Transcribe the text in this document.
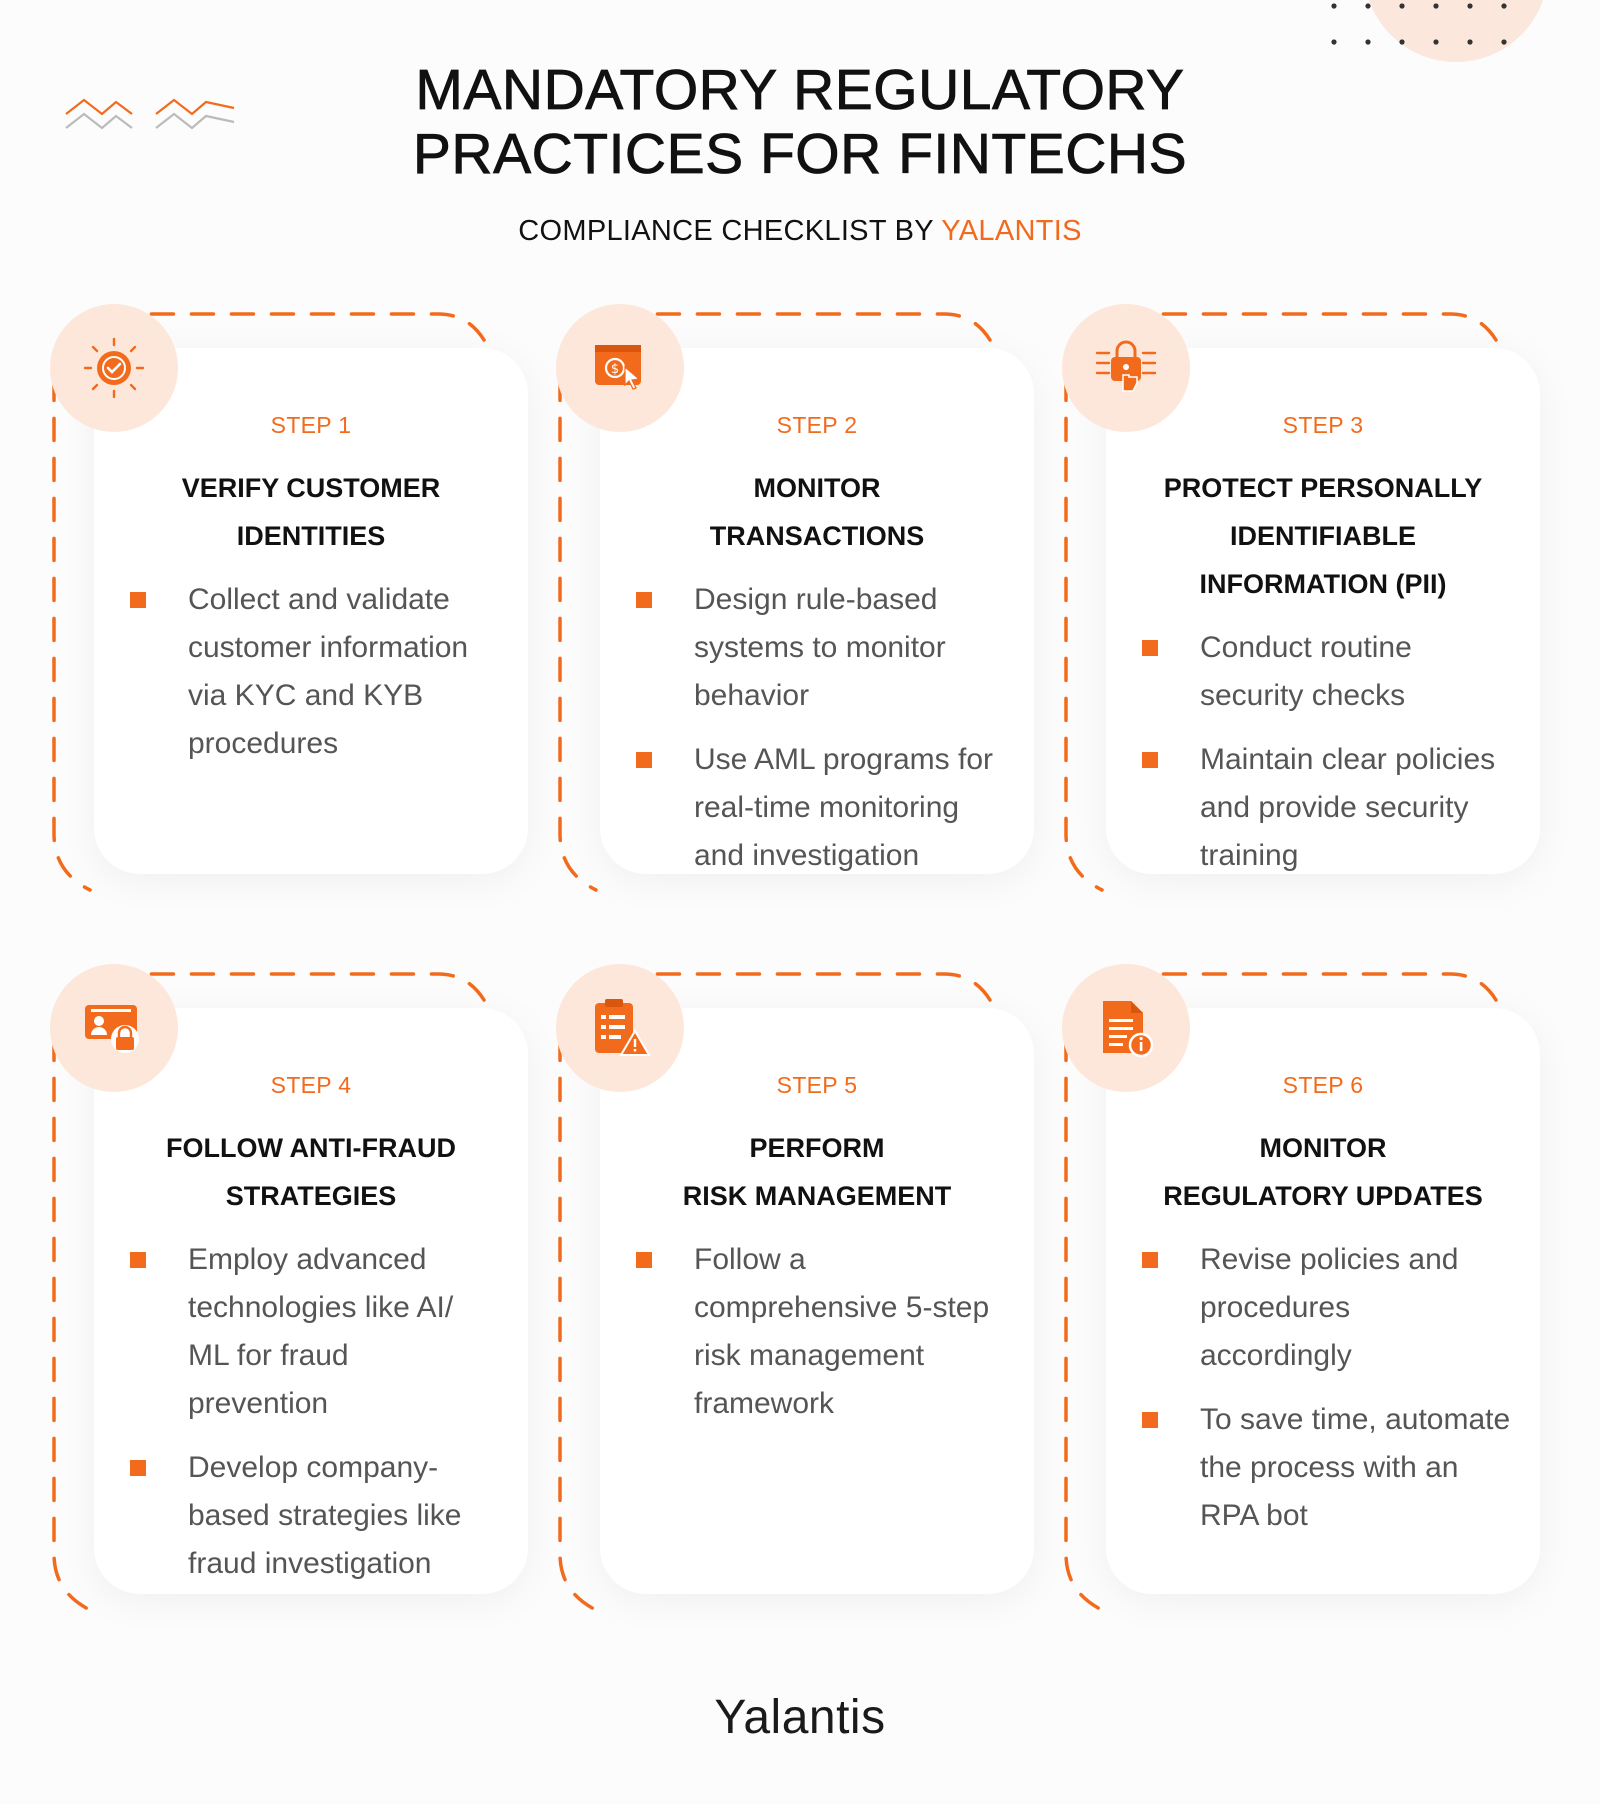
MANDATORY REGULATORY
PRACTICES FOR FINTECHS
COMPLIANCE CHECKLIST BY YALANTIS
STEP 1
VERIFY CUSTOMER
IDENTITIES
Collect and validate
customer information
via KYC and KYB
procedures
$
STEP 2
MONITOR
TRANSACTIONS
Design rule-based
systems to monitor
behavior
Use AML programs for
real-time monitoring
and investigation
STEP 3
PROTECT PERSONALLY
IDENTIFIABLE
INFORMATION (PII)
Conduct routine
security checks
Maintain clear policies
and provide security
training
STEP 4
FOLLOW ANTI-FRAUD
STRATEGIES
Employ advanced
technologies like AI/
ML for fraud
prevention
Develop company-
based strategies like
fraud investigation
STEP 5
PERFORM
RISK MANAGEMENT
Follow a
comprehensive 5-step
risk management
framework
STEP 6
MONITOR
REGULATORY UPDATES
Revise policies and
procedures
accordingly
To save time, automate
the process with an
RPA bot
Yalantis
